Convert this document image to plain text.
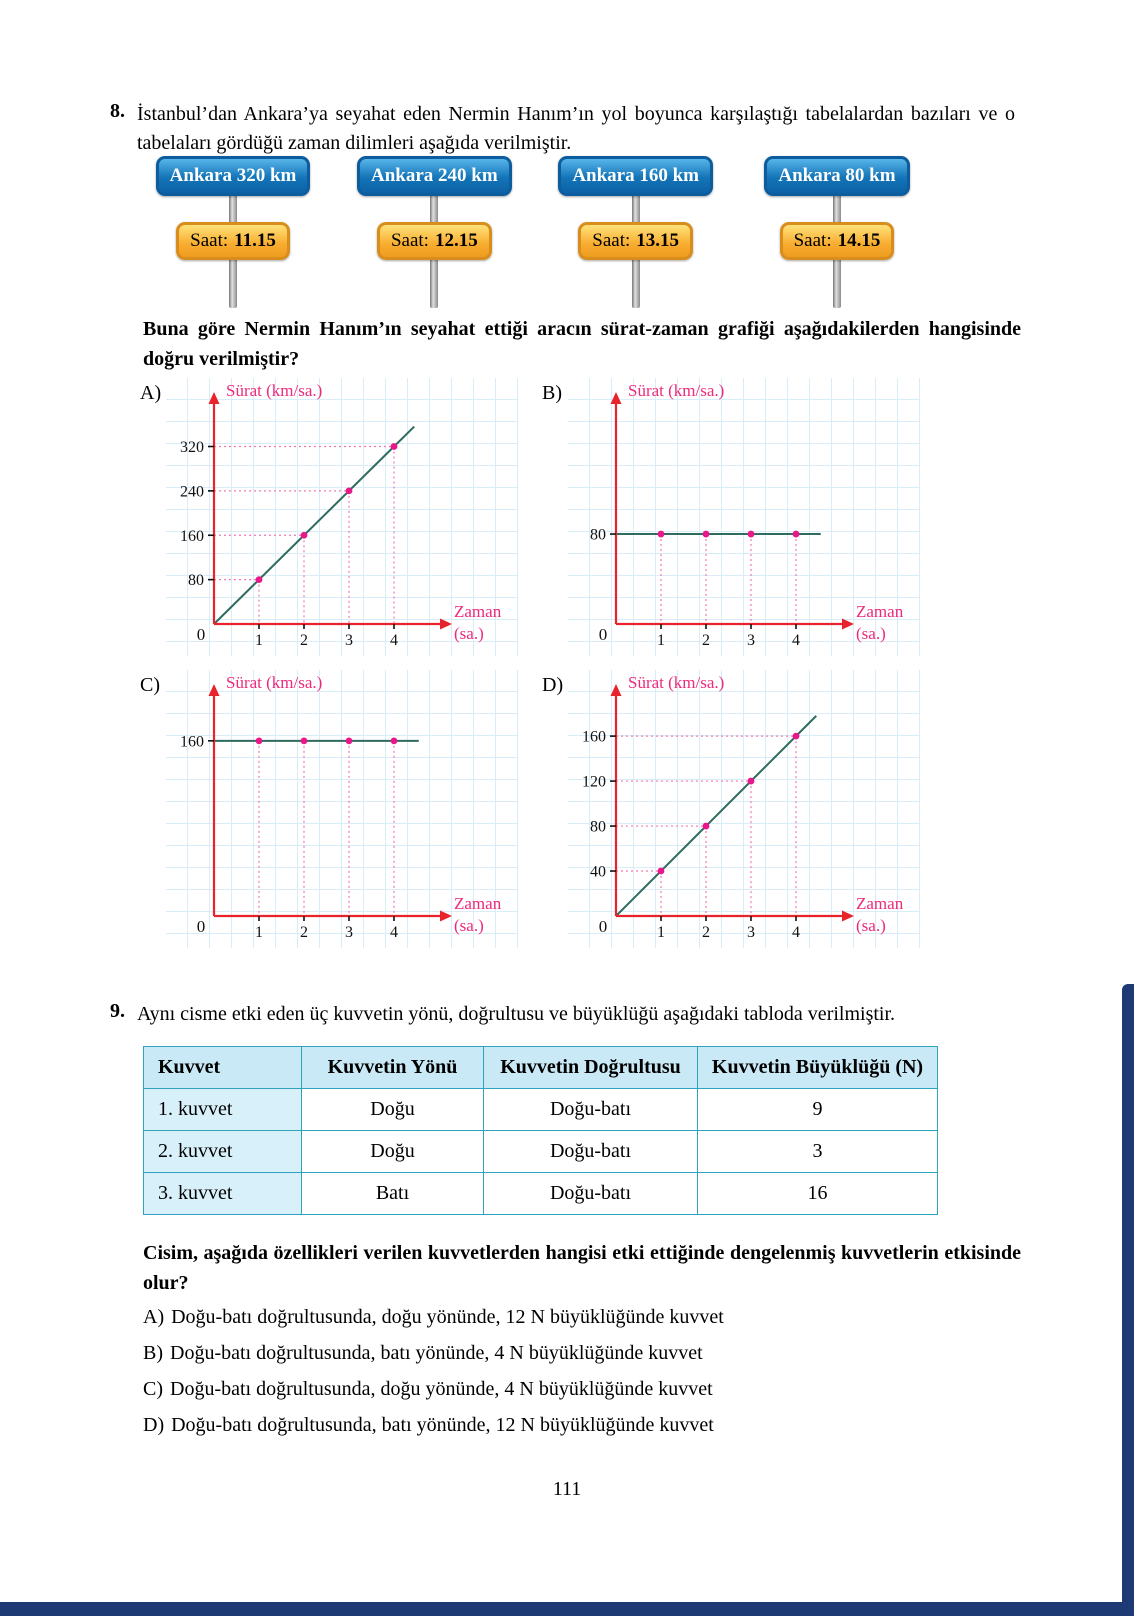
8. İstanbul’dan Ankara’ya seyahat eden Nermin Hanım’ın yol boyunca karşılaştığı tabelalardan bazıları ve o tabelaları gördüğü zaman dilimleri aşağıda verilmiştir.
Ankara 320 km
Saat: 11.15
Ankara 240 km
Saat: 12.15
Ankara 160 km
Saat: 13.15
Ankara 80 km
Saat: 14.15
Buna göre Nermin Hanım’ın seyahat ettiği aracın sürat-zaman grafiği aşağıdakilerden hangisinde doğru verilmiştir?
A)
80
160
240
320
1 2 3 4
0
Sürat (km/sa.)
Zaman
(sa.)
B)
80
1 2 3 4
0
Sürat (km/sa.)
Zaman
(sa.)
C)
160
1 2 3 4
0
Sürat (km/sa.)
Zaman
(sa.)
D)
40
80
120
160
1 2 3 4
0
Sürat (km/sa.)
Zaman
(sa.)
9. Aynı cisme etki eden üç kuvvetin yönü, doğrultusu ve büyüklüğü aşağıdaki tabloda verilmiştir.
Kuvvet	Kuvvetin Yönü	Kuvvetin Doğrultusu	Kuvvetin Büyüklüğü (N)
1. kuvvet	Doğu	Doğu-batı	9
2. kuvvet	Doğu	Doğu-batı	3
3. kuvvet	Batı	Doğu-batı	16
Cisim, aşağıda özellikleri verilen kuvvetlerden hangisi etki ettiğinde dengelenmiş kuvvetlerin etkisinde olur?
A) Doğu-batı doğrultusunda, doğu yönünde, 12 N büyüklüğünde kuvvet
B) Doğu-batı doğrultusunda, batı yönünde, 4 N büyüklüğünde kuvvet
C) Doğu-batı doğrultusunda, doğu yönünde, 4 N büyüklüğünde kuvvet
D) Doğu-batı doğrultusunda, batı yönünde, 12 N büyüklüğünde kuvvet
111
